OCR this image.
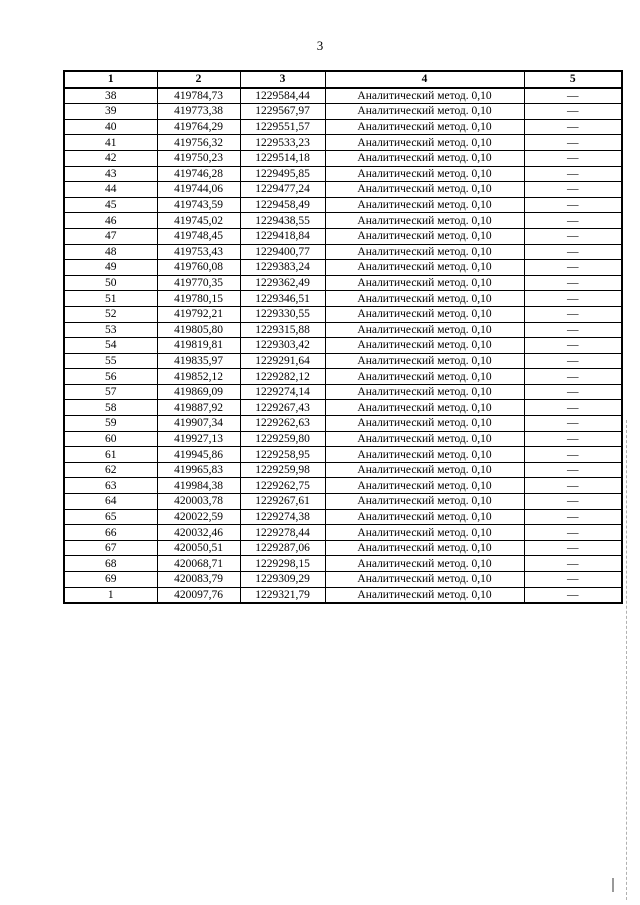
3
1	2	3	4	5
38	419784,73	1229584,44	Аналитический метод. 0,10	—
39	419773,38	1229567,97	Аналитический метод. 0,10	—
40	419764,29	1229551,57	Аналитический метод. 0,10	—
41	419756,32	1229533,23	Аналитический метод. 0,10	—
42	419750,23	1229514,18	Аналитический метод. 0,10	—
43	419746,28	1229495,85	Аналитический метод. 0,10	—
44	419744,06	1229477,24	Аналитический метод. 0,10	—
45	419743,59	1229458,49	Аналитический метод. 0,10	—
46	419745,02	1229438,55	Аналитический метод. 0,10	—
47	419748,45	1229418,84	Аналитический метод. 0,10	—
48	419753,43	1229400,77	Аналитический метод. 0,10	—
49	419760,08	1229383,24	Аналитический метод. 0,10	—
50	419770,35	1229362,49	Аналитический метод. 0,10	—
51	419780,15	1229346,51	Аналитический метод. 0,10	—
52	419792,21	1229330,55	Аналитический метод. 0,10	—
53	419805,80	1229315,88	Аналитический метод. 0,10	—
54	419819,81	1229303,42	Аналитический метод. 0,10	—
55	419835,97	1229291,64	Аналитический метод. 0,10	—
56	419852,12	1229282,12	Аналитический метод. 0,10	—
57	419869,09	1229274,14	Аналитический метод. 0,10	—
58	419887,92	1229267,43	Аналитический метод. 0,10	—
59	419907,34	1229262,63	Аналитический метод. 0,10	—
60	419927,13	1229259,80	Аналитический метод. 0,10	—
61	419945,86	1229258,95	Аналитический метод. 0,10	—
62	419965,83	1229259,98	Аналитический метод. 0,10	—
63	419984,38	1229262,75	Аналитический метод. 0,10	—
64	420003,78	1229267,61	Аналитический метод. 0,10	—
65	420022,59	1229274,38	Аналитический метод. 0,10	—
66	420032,46	1229278,44	Аналитический метод. 0,10	—
67	420050,51	1229287,06	Аналитический метод. 0,10	—
68	420068,71	1229298,15	Аналитический метод. 0,10	—
69	420083,79	1229309,29	Аналитический метод. 0,10	—
1	420097,76	1229321,79	Аналитический метод. 0,10	—
